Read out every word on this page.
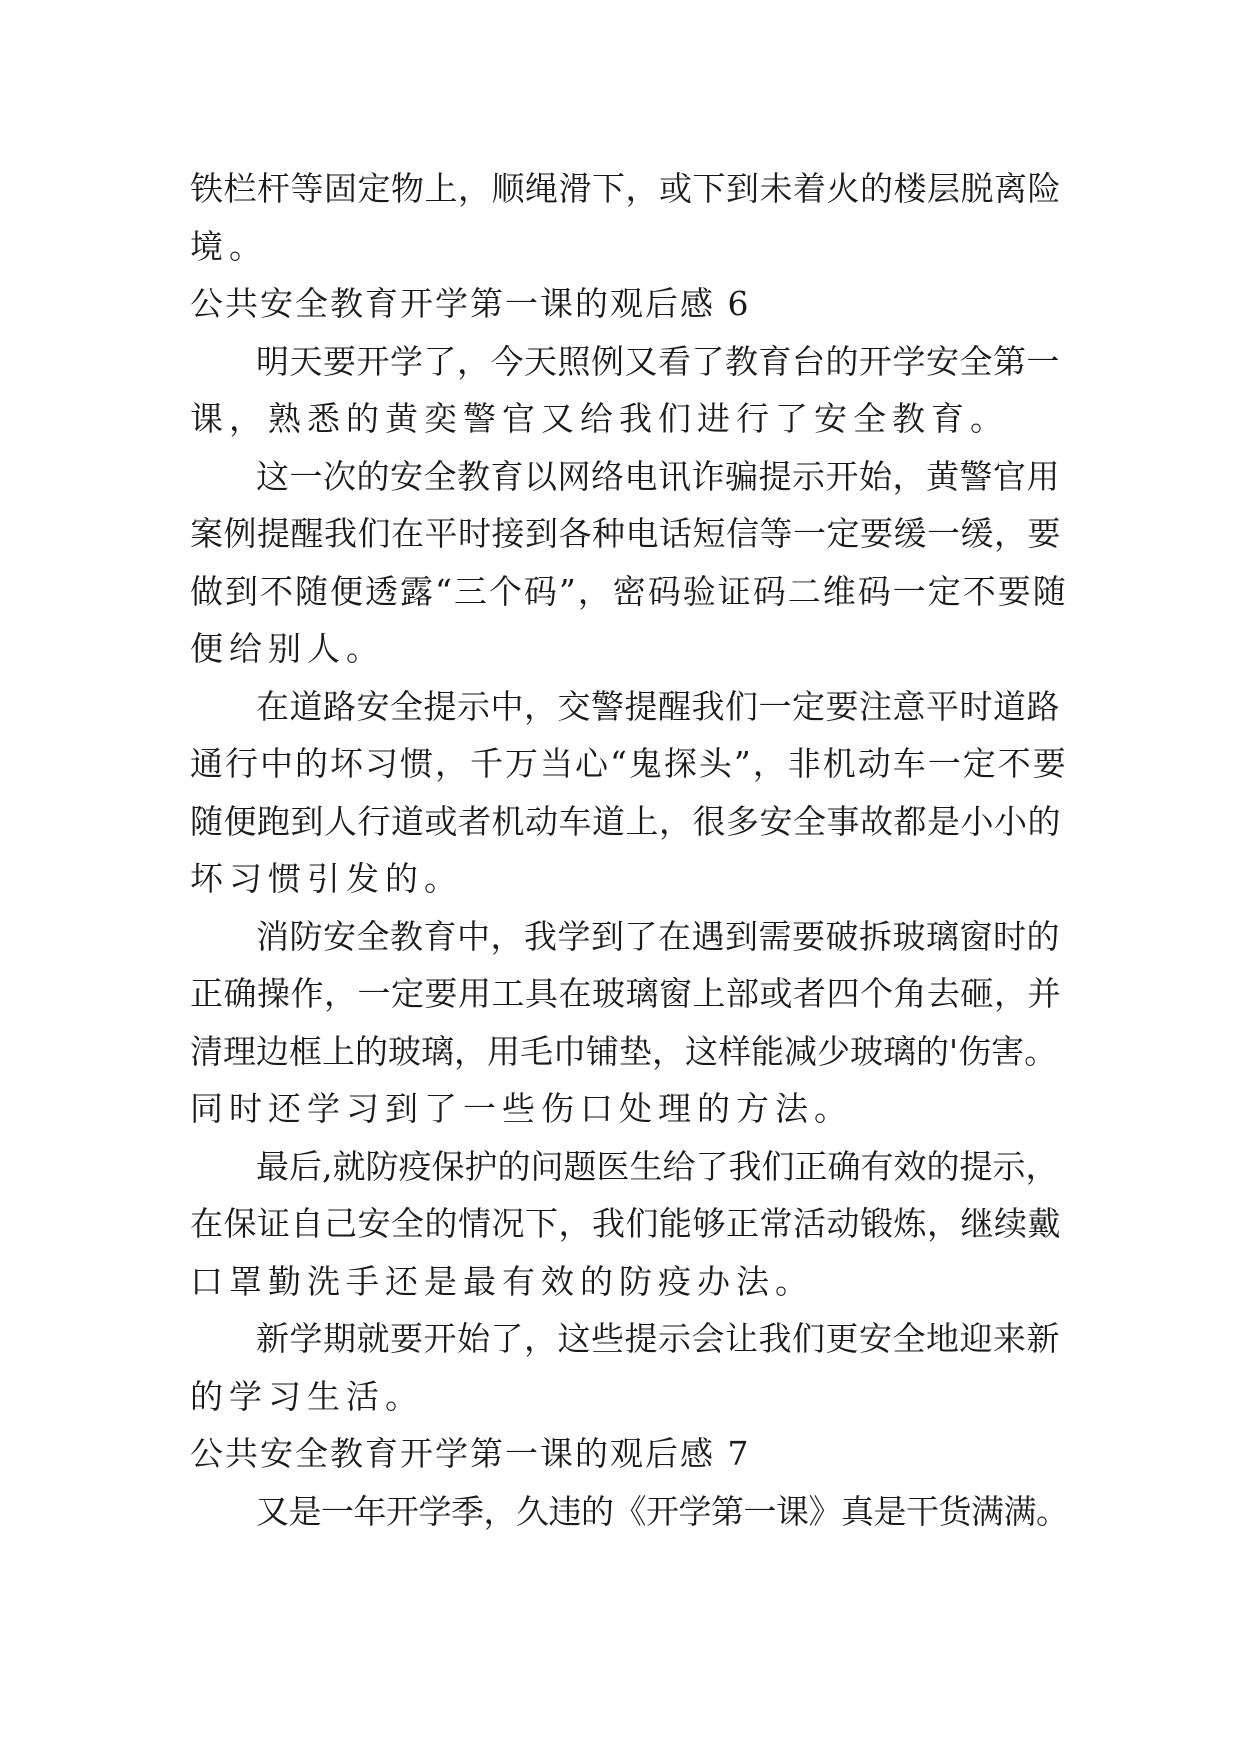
铁栏杆等固定物上，顺绳滑下，或下到未着火的楼层脱离险

境。

公共安全教育开学第一课的观后感 6

明天要开学了，今天照例又看了教育台的开学安全第一

课，熟悉的黄奕警官又给我们进行了安全教育。

这一次的安全教育以网络电讯诈骗提示开始，黄警官用

案例提醒我们在平时接到各种电话短信等一定要缓一缓，要

做到不随便透露“三个码”，密码验证码二维码一定不要随

便给别人。

在道路安全提示中，交警提醒我们一定要注意平时道路

通行中的坏习惯，千万当心“鬼探头”，非机动车一定不要

随便跑到人行道或者机动车道上，很多安全事故都是小小的

坏习惯引发的。

消防安全教育中，我学到了在遇到需要破拆玻璃窗时的

正确操作，一定要用工具在玻璃窗上部或者四个角去砸，并

清理边框上的玻璃，用毛巾铺垫，这样能减少玻璃的'伤害。

同时还学习到了一些伤口处理的方法。

最后,就防疫保护的问题医生给了我们正确有效的提示，

在保证自己安全的情况下，我们能够正常活动锻炼，继续戴

口罩勤洗手还是最有效的防疫办法。

新学期就要开始了，这些提示会让我们更安全地迎来新

的学习生活。

公共安全教育开学第一课的观后感 7

又是一年开学季，久违的《开学第一课》真是干货满满。
